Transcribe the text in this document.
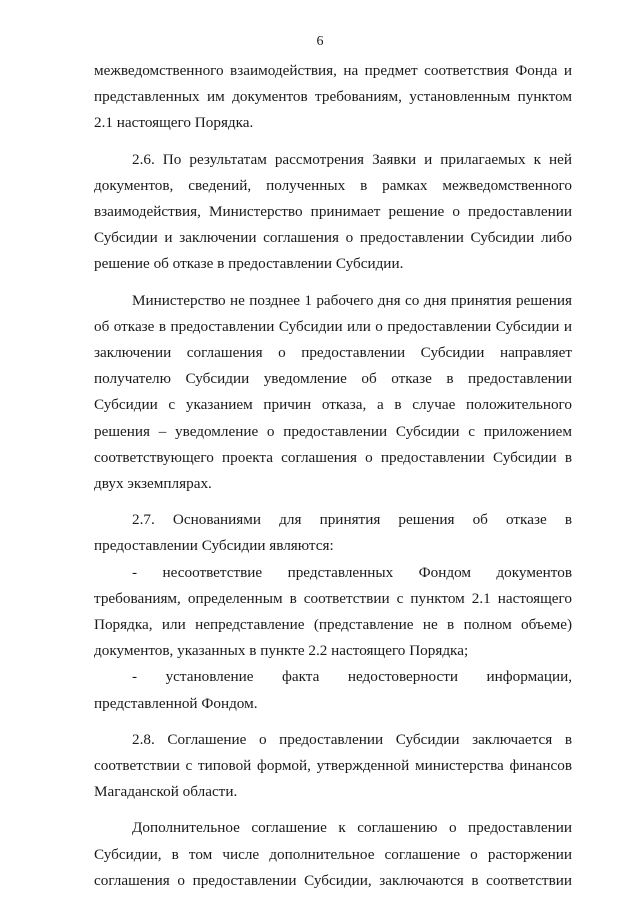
6

межведомственного взаимодействия, на предмет соответствия Фонда и представленных им документов требованиям, установленным пунктом 2.1 настоящего Порядка.

2.6. По результатам рассмотрения Заявки и прилагаемых к ней документов, сведений, полученных в рамках межведомственного взаимодействия, Министерство принимает решение о предоставлении Субсидии и заключении соглашения о предоставлении Субсидии либо решение об отказе в предоставлении Субсидии.

Министерство не позднее 1 рабочего дня со дня принятия решения об отказе в предоставлении Субсидии или о предоставлении Субсидии и заключении соглашения о предоставлении Субсидии направляет получателю Субсидии уведомление об отказе в предоставлении Субсидии с указанием причин отказа, а в случае положительного решения – уведомление о предоставлении Субсидии с приложением соответствующего проекта соглашения о предоставлении Субсидии в двух экземплярах.

2.7. Основаниями для принятия решения об отказе в предоставлении Субсидии являются:

- несоответствие представленных Фондом документов требованиям, определенным в соответствии с пунктом 2.1 настоящего Порядка, или непредставление (представление не в полном объеме) документов, указанных в пункте 2.2 настоящего Порядка;

- установление факта недостоверности информации, представленной Фондом.

2.8. Соглашение о предоставлении Субсидии заключается в соответствии с типовой формой, утвержденной министерства финансов Магаданской области.

Дополнительное соглашение к соглашению о предоставлении Субсидии, в том числе дополнительное соглашение о расторжении соглашения о предоставлении Субсидии, заключаются в соответствии
